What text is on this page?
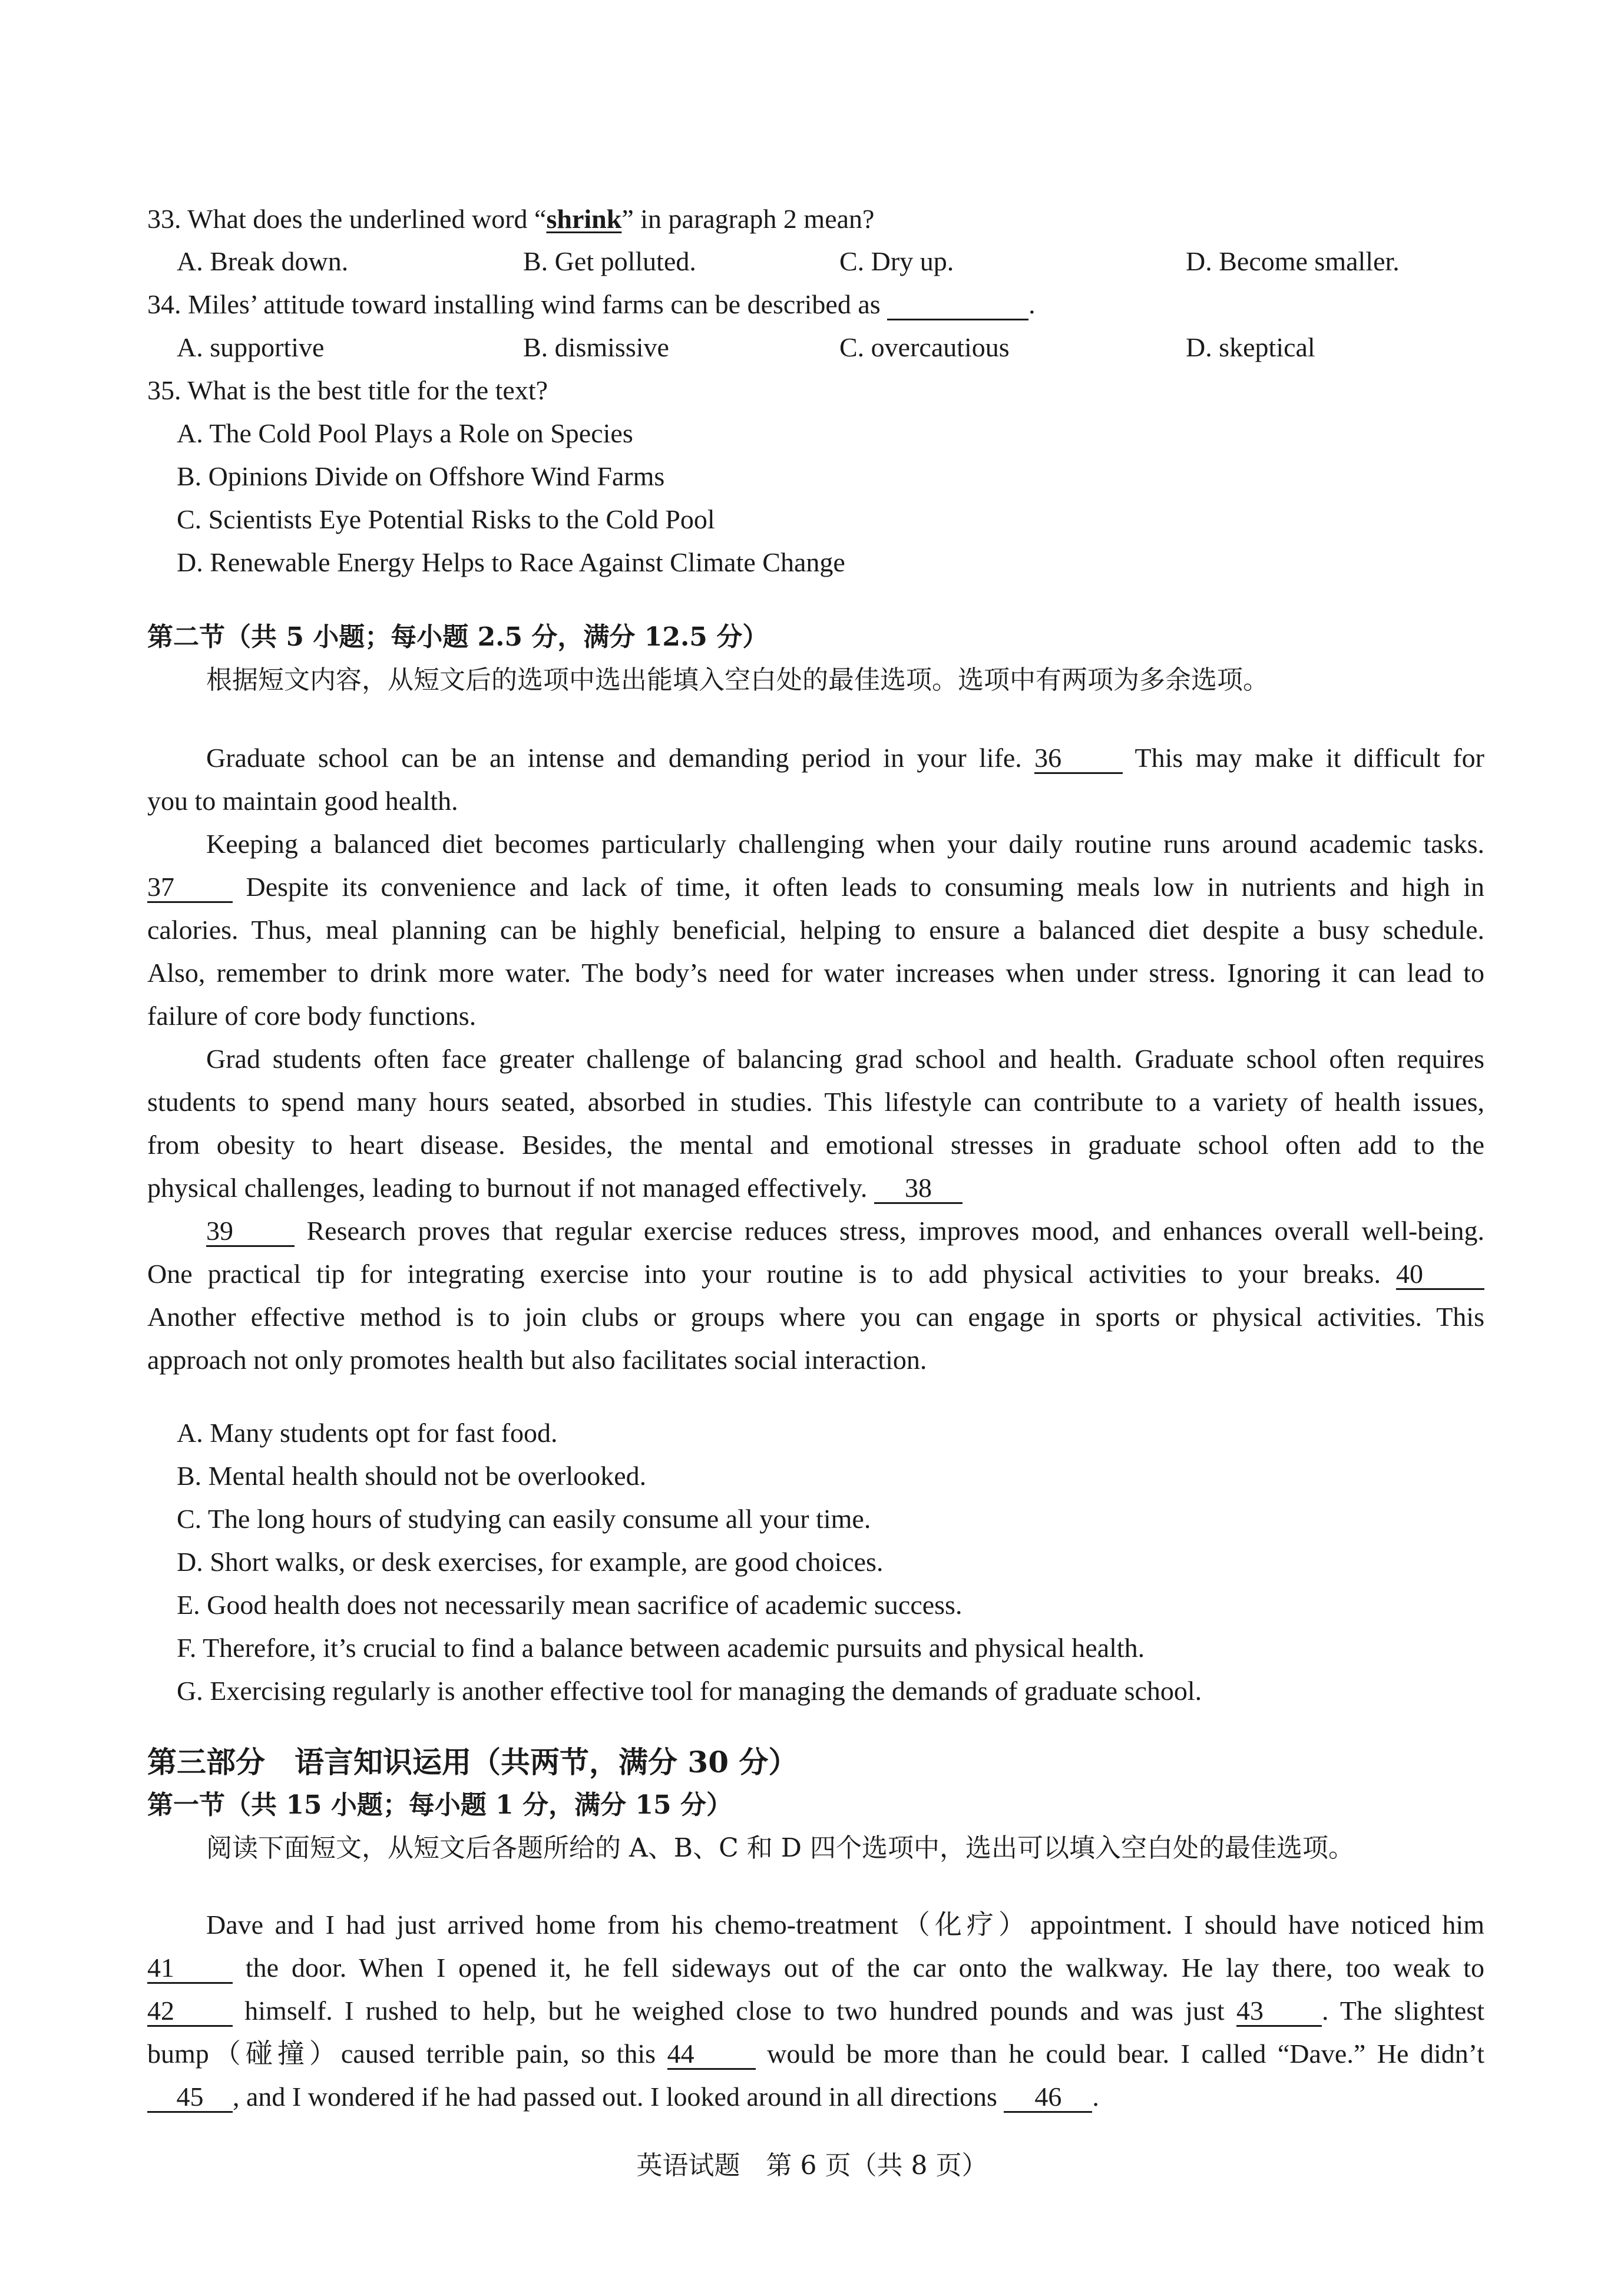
33. What does the underlined word “shrink” in paragraph 2 mean?
A. Break down.	B. Get polluted.	C. Dry up.	D. Become smaller.
34. Miles’ attitude toward installing wind farms can be described as	.
A. supportive	B. dismissive	C. overcautious	D. skeptical
35. What is the best title for the text?
A. The Cold Pool Plays a Role on Species
B. Opinions Divide on Offshore Wind Farms
C. Scientists Eye Potential Risks to the Cold Pool
D. Renewable Energy Helps to Race Against Climate Change
第二节（共 5 小题；每小题 2.5 分，满分 12.5 分）
根据短文内容，从短文后的选项中选出能填入空白处的最佳选项。选项中有两项为多余选项。
Graduate school can be an intense and demanding period in your life. 36	This may make it difficult for
you to maintain good health.
Keeping a balanced diet becomes particularly challenging when your daily routine runs around academic tasks.
37	Despite its convenience and lack of time, it often leads to consuming meals low in nutrients and high in
calories. Thus, meal planning can be highly beneficial, helping to ensure a balanced diet despite a busy schedule.
Also, remember to drink more water. The body’s need for water increases when under stress. Ignoring it can lead to
failure of core body functions.
Grad students often face greater challenge of balancing grad school and health. Graduate school often requires
students to spend many hours seated, absorbed in studies. This lifestyle can contribute to a variety of health issues,
from obesity to heart disease. Besides, the mental and emotional stresses in graduate school often add to the
physical challenges, leading to burnout if not managed effectively. 38
39	Research proves that regular exercise reduces stress, improves mood, and enhances overall well-being.
One practical tip for integrating exercise into your routine is to add physical activities to your breaks. 40
Another effective method is to join clubs or groups where you can engage in sports or physical activities. This
approach not only promotes health but also facilitates social interaction.
A. Many students opt for fast food.
B. Mental health should not be overlooked.
C. The long hours of studying can easily consume all your time.
D. Short walks, or desk exercises, for example, are good choices.
E. Good health does not necessarily mean sacrifice of academic success.
F. Therefore, it’s crucial to find a balance between academic pursuits and physical health.
G. Exercising regularly is another effective tool for managing the demands of graduate school.
第三部分　语言知识运用（共两节，满分 30 分）
第一节（共 15 小题；每小题 1 分，满分 15 分）
阅读下面短文，从短文后各题所给的 A、B、C 和 D 四个选项中，选出可以填入空白处的最佳选项。
Dave and I had just arrived home from his chemo-treatment（化疗）appointment. I should have noticed him
41	the door. When I opened it, he fell sideways out of the car onto the walkway. He lay there, too weak to
42	himself. I rushed to help, but he weighed close to two hundred pounds and was just 43 . The slightest
bump（碰撞）caused terrible pain, so this 44	would be more than he could bear. I called “Dave.” He didn’t
45 , and I wondered if he had passed out. I looked around in all directions 46 .
英语试题　第 6 页（共 8 页）
